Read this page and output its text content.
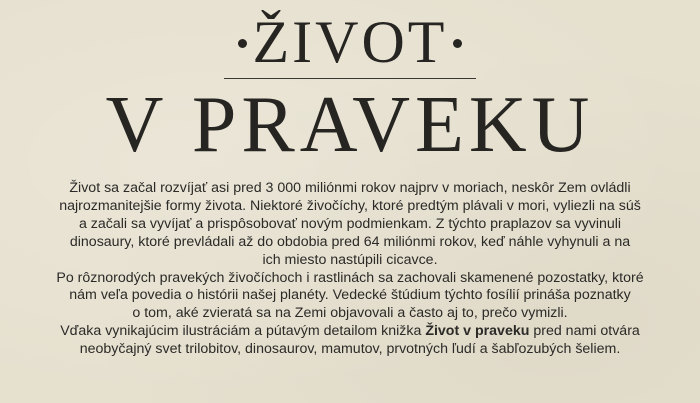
ŽIVOT
V PRAVEKU
Život sa začal rozvíjať asi pred 3 000 miliónmi rokov najprv v moriach, neskôr Zem ovládli
najrozmanitejšie formy života. Niektoré živočíchy, ktoré predtým plávali v mori, vyliezli na súš
a začali sa vyvíjať a prispôsobovať novým podmienkam. Z týchto praplazov sa vyvinuli
dinosaury, ktoré prevládali až do obdobia pred 64 miliónmi rokov, keď náhle vyhynuli a na
ich miesto nastúpili cicavce.
Po rôznorodých pravekých živočíchoch i rastlinách sa zachovali skamenené pozostatky, ktoré
nám veľa povedia o histórii našej planéty. Vedecké štúdium týchto fosílií prináša poznatky
o tom, aké zvieratá sa na Zemi objavovali a často aj to, prečo vymizli.
Vďaka vynikajúcim ilustráciám a pútavým detailom knižka Život v praveku pred nami otvára
neobyčajný svet trilobitov, dinosaurov, mamutov, prvotných ľudí a šabľozubých šeliem.
